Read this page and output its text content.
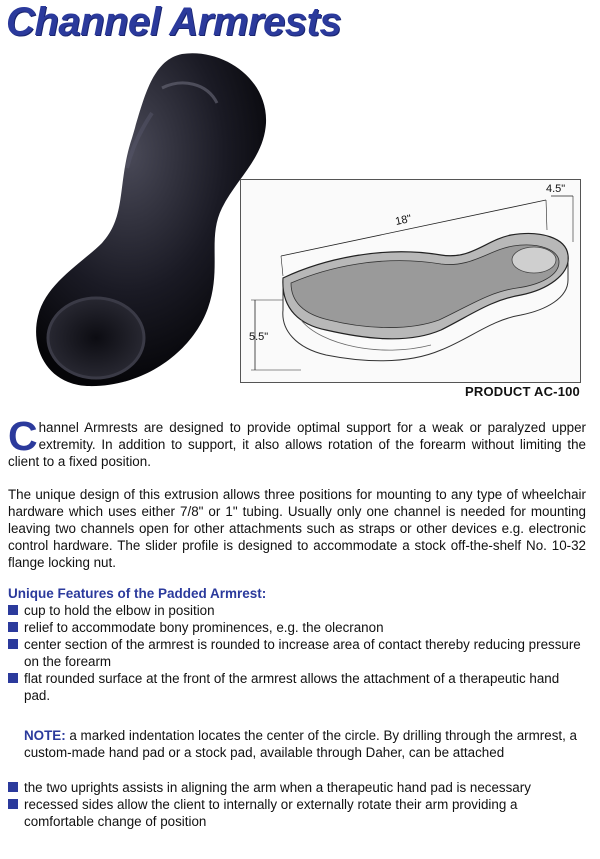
Channel Armrests
18"
4.5"
5.5"
PRODUCT AC-100
Channel Armrests are designed to provide optimal support for a weak or paralyzed upper extremity. In addition to support, it also allows rotation of the forearm without limiting the client to a fixed position.
The unique design of this extrusion allows three positions for mounting to any type of wheelchair hardware which uses either 7/8" or 1" tubing. Usually only one channel is needed for mounting leaving two channels open for other attachments such as straps or other devices e.g. electronic control hardware. The slider profile is designed to accommodate a stock off-the-shelf No. 10-32 flange locking nut.
Unique Features of the Padded Armrest:
cup to hold the elbow in position
relief to accommodate bony prominences, e.g. the olecranon
center section of the armrest is rounded to increase area of contact thereby reducing pressure on the forearm
flat rounded surface at the front of the armrest allows the attachment of a therapeutic hand pad.
NOTE: a marked indentation locates the center of the circle. By drilling through the armrest, a custom-made hand pad or a stock pad, available through Daher, can be attached
the two uprights assists in aligning the arm when a therapeutic hand pad is necessary
recessed sides allow the client to internally or externally rotate their arm providing a comfortable change of position
